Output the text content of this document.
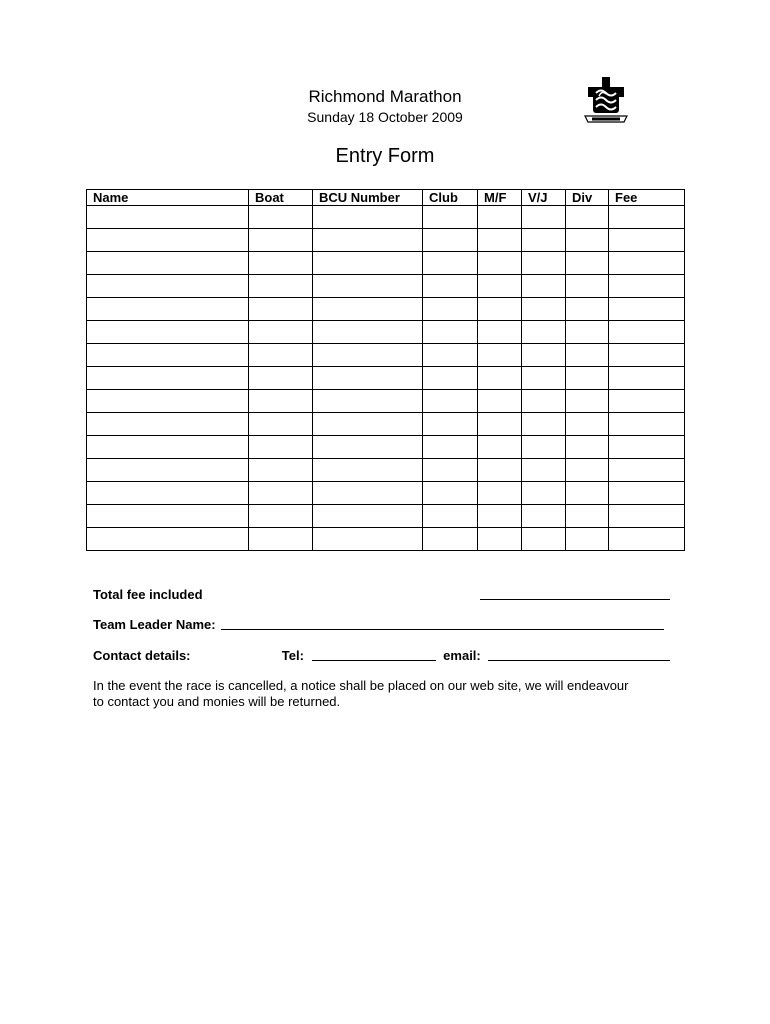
Richmond Marathon
Sunday 18 October 2009
Entry Form
Name	Boat	BCU Number	Club	M/F	V/J	Div	Fee

Total fee included
Team Leader Name:
Contact details:	Tel:	email:

In the event the race is cancelled, a notice shall be placed on our web site, we will endeavour to contact you and monies will be returned.
